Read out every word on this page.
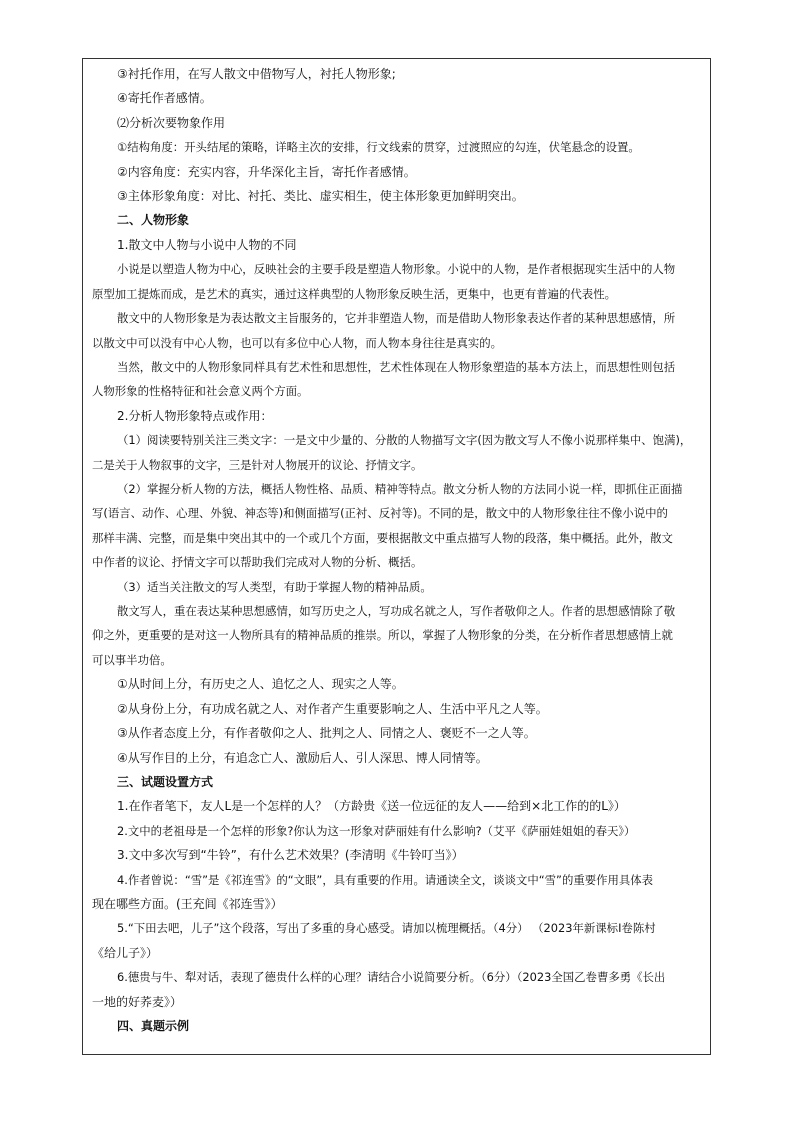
③衬托作用，在写人散文中借物写人，衬托人物形象;
④寄托作者感情。
⑵分析次要物象作用
①结构角度：开头结尾的策略，详略主次的安排，行文线索的贯穿，过渡照应的勾连，伏笔悬念的设置。
②内容角度：充实内容，升华深化主旨，寄托作者感情。
③主体形象角度：对比、衬托、类比、虚实相生，使主体形象更加鲜明突出。
二、人物形象
1.散文中人物与小说中人物的不同
小说是以塑造人物为中心，反映社会的主要手段是塑造人物形象。小说中的人物，是作者根据现实生活中的人物
原型加工提炼而成，是艺术的真实，通过这样典型的人物形象反映生活，更集中，也更有普遍的代表性。
散文中的人物形象是为表达散文主旨服务的，它并非塑造人物，而是借助人物形象表达作者的某种思想感情，所
以散文中可以没有中心人物，也可以有多位中心人物，而人物本身往往是真实的。
当然，散文中的人物形象同样具有艺术性和思想性，艺术性体现在人物形象塑造的基本方法上，而思想性则包括
人物形象的性格特征和社会意义两个方面。
2.分析人物形象特点或作用：
（1）阅读要特别关注三类文字：一是文中少量的、分散的人物描写文字(因为散文写人不像小说那样集中、饱满)，
二是关于人物叙事的文字，三是针对人物展开的议论、抒情文字。
（2）掌握分析人物的方法，概括人物性格、品质、精神等特点。散文分析人物的方法同小说一样，即抓住正面描
写(语言、动作、心理、外貌、神态等)和侧面描写(正衬、反衬等)。不同的是，散文中的人物形象往往不像小说中的
那样丰满、完整，而是集中突出其中的一个或几个方面，要根据散文中重点描写人物的段落，集中概括。此外，散文
中作者的议论、抒情文字可以帮助我们完成对人物的分析、概括。
（3）适当关注散文的写人类型，有助于掌握人物的精神品质。
散文写人，重在表达某种思想感情，如写历史之人，写功成名就之人，写作者敬仰之人。作者的思想感情除了敬
仰之外，更重要的是对这一人物所具有的精神品质的推崇。所以，掌握了人物形象的分类，在分析作者思想感情上就
可以事半功倍。
①从时间上分，有历史之人、追忆之人、现实之人等。
②从身份上分，有功成名就之人、对作者产生重要影响之人、生活中平凡之人等。
③从作者态度上分，有作者敬仰之人、批判之人、同情之人、褒贬不一之人等。
④从写作目的上分，有追念亡人、激励后人、引人深思、博人同情等。
三、试题设置方式
1.在作者笔下，友人L是一个怎样的人？（方龄贵《送一位远征的友人——给到×北工作的的L》）
2.文中的老祖母是一个怎样的形象?你认为这一形象对萨丽娃有什么影响?（艾平《萨丽娃姐姐的春天》）
3.文中多次写到“牛铃”，有什么艺术效果？(李清明《牛铃叮当》）
4.作者曾说：“雪”是《祁连雪》的“文眼”，具有重要的作用。请通读全文，谈谈文中“雪”的重要作用具体表
现在哪些方面。(王充闾《祁连雪》）
5.“下田去吧，儿子”这个段落，写出了多重的身心感受。请加以梳理概括。（4分） （2023年新课标Ⅰ卷陈村
《给儿子》）
6.德贵与牛、犁对话，表现了德贵什么样的心理？请结合小说简要分析。（6分）（2023全国乙卷曹多勇《长出
一地的好荞麦》）
四、真题示例
